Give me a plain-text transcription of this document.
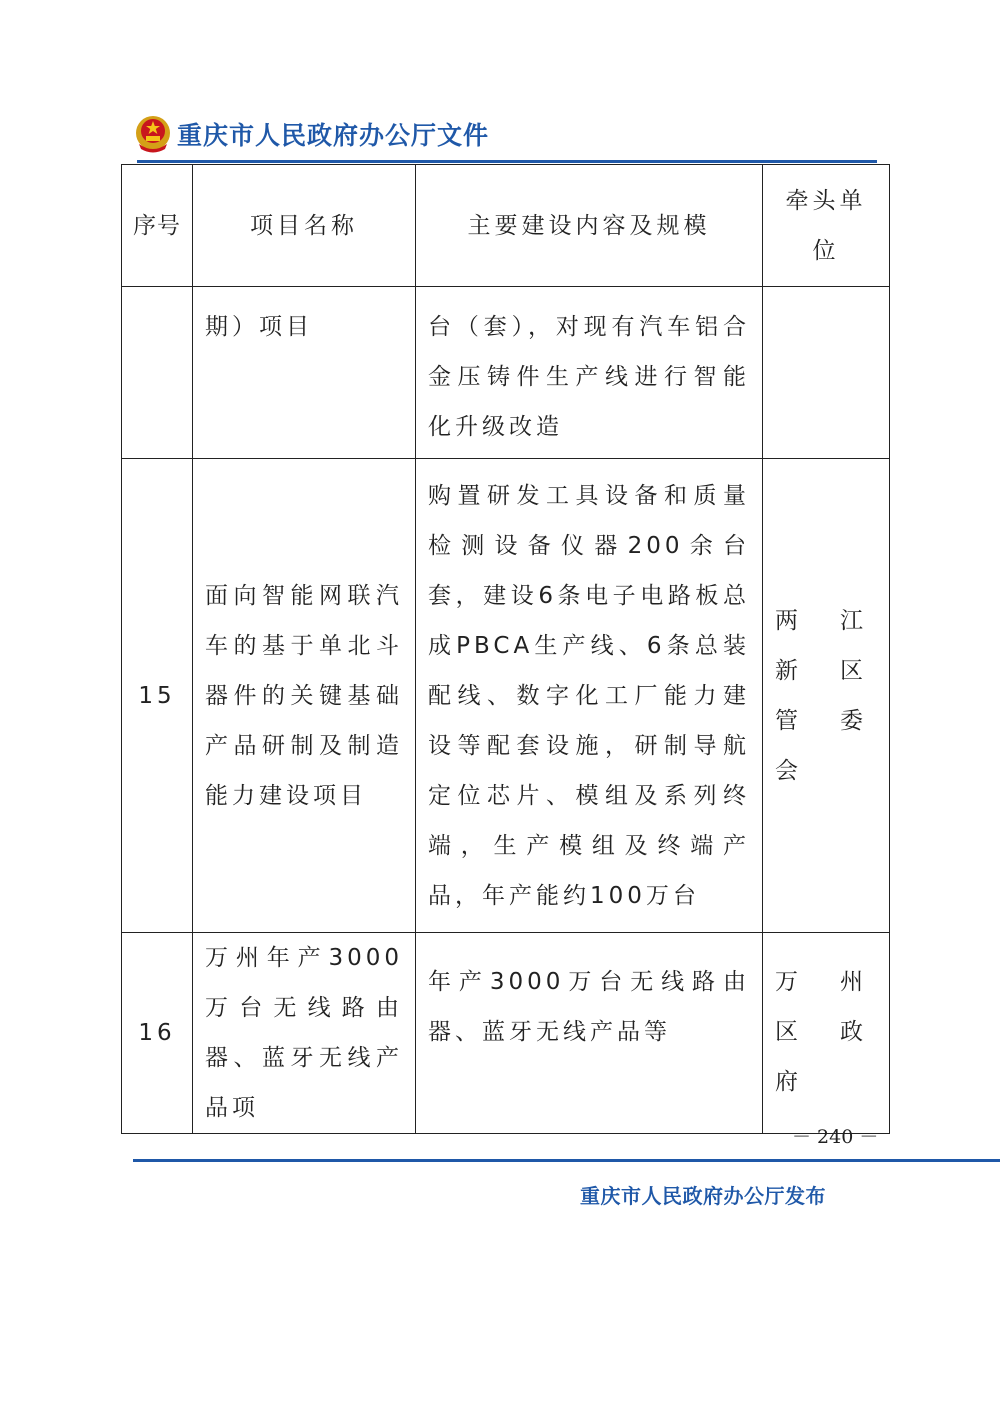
重庆市人民政府办公厅文件
序号	项目名称	主要建设内容及规模	牵头单位
	期）项目	台（套），对现有汽车铝合金压铸件生产线进行智能化升级改造	
15	面向智能网联汽车的基于单北斗器件的关键基础产品研制及制造能力建设项目	购置研发工具设备和质量检测设备仪器200余台套，建设6条电子电路板总成PBCA生产线、6条总装配线、数字化工厂能力建设等配套设施，研制导航定位芯片、模组及系列终端，生产模组及终端产品，年产能约100万台	两江新区管委会
16	万州年产3000万台无线路由器、蓝牙无线产品项	年产3000万台无线路由器、蓝牙无线产品等	万州区政府
－ 240 －
重庆市人民政府办公厅发布
